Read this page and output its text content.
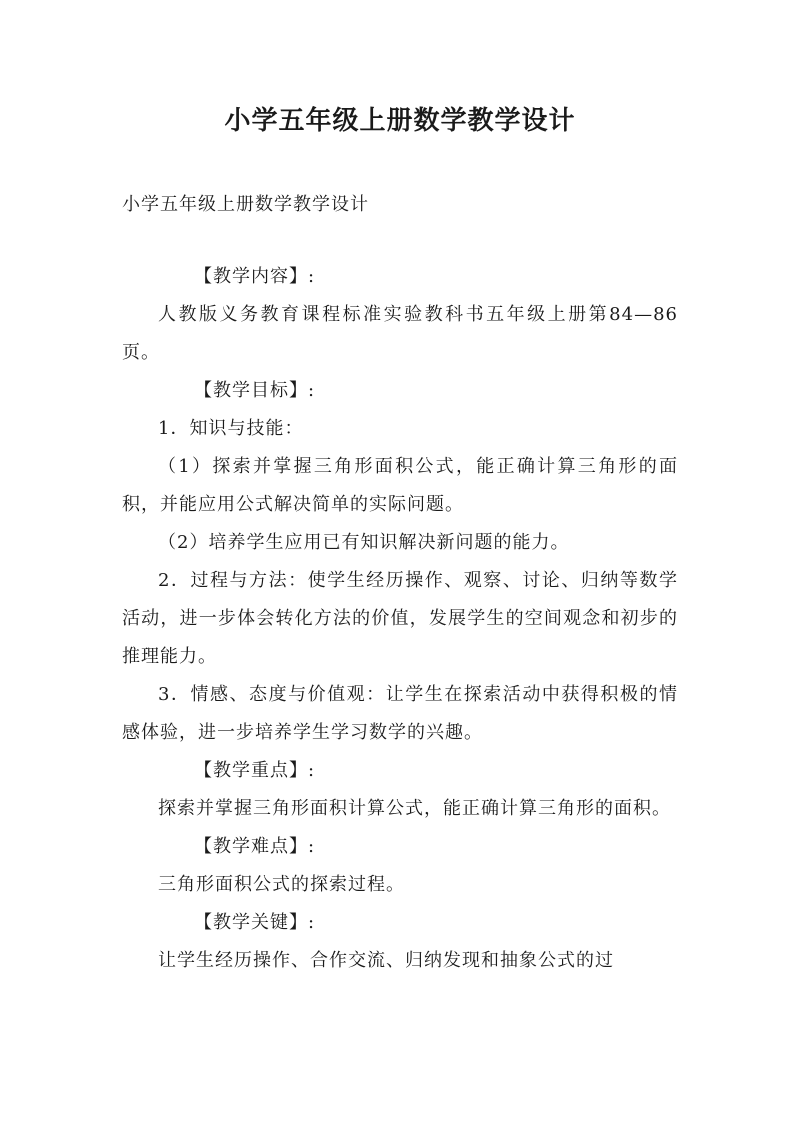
小学五年级上册数学教学设计
小学五年级上册数学教学设计

【教学内容】:

人教版义务教育课程标准实验教科书五年级上册第84—86页。

【教学目标】:

1．知识与技能：

（1）探索并掌握三角形面积公式，能正确计算三角形的面积，并能应用公式解决简单的实际问题。

（2）培养学生应用已有知识解决新问题的能力。

2．过程与方法：使学生经历操作、观察、讨论、归纳等数学活动，进一步体会转化方法的价值，发展学生的空间观念和初步的推理能力。

3．情感、态度与价值观：让学生在探索活动中获得积极的情感体验，进一步培养学生学习数学的兴趣。

【教学重点】:

探索并掌握三角形面积计算公式，能正确计算三角形的面积。

【教学难点】:

三角形面积公式的探索过程。

【教学关键】:

让学生经历操作、合作交流、归纳发现和抽象公式的过
